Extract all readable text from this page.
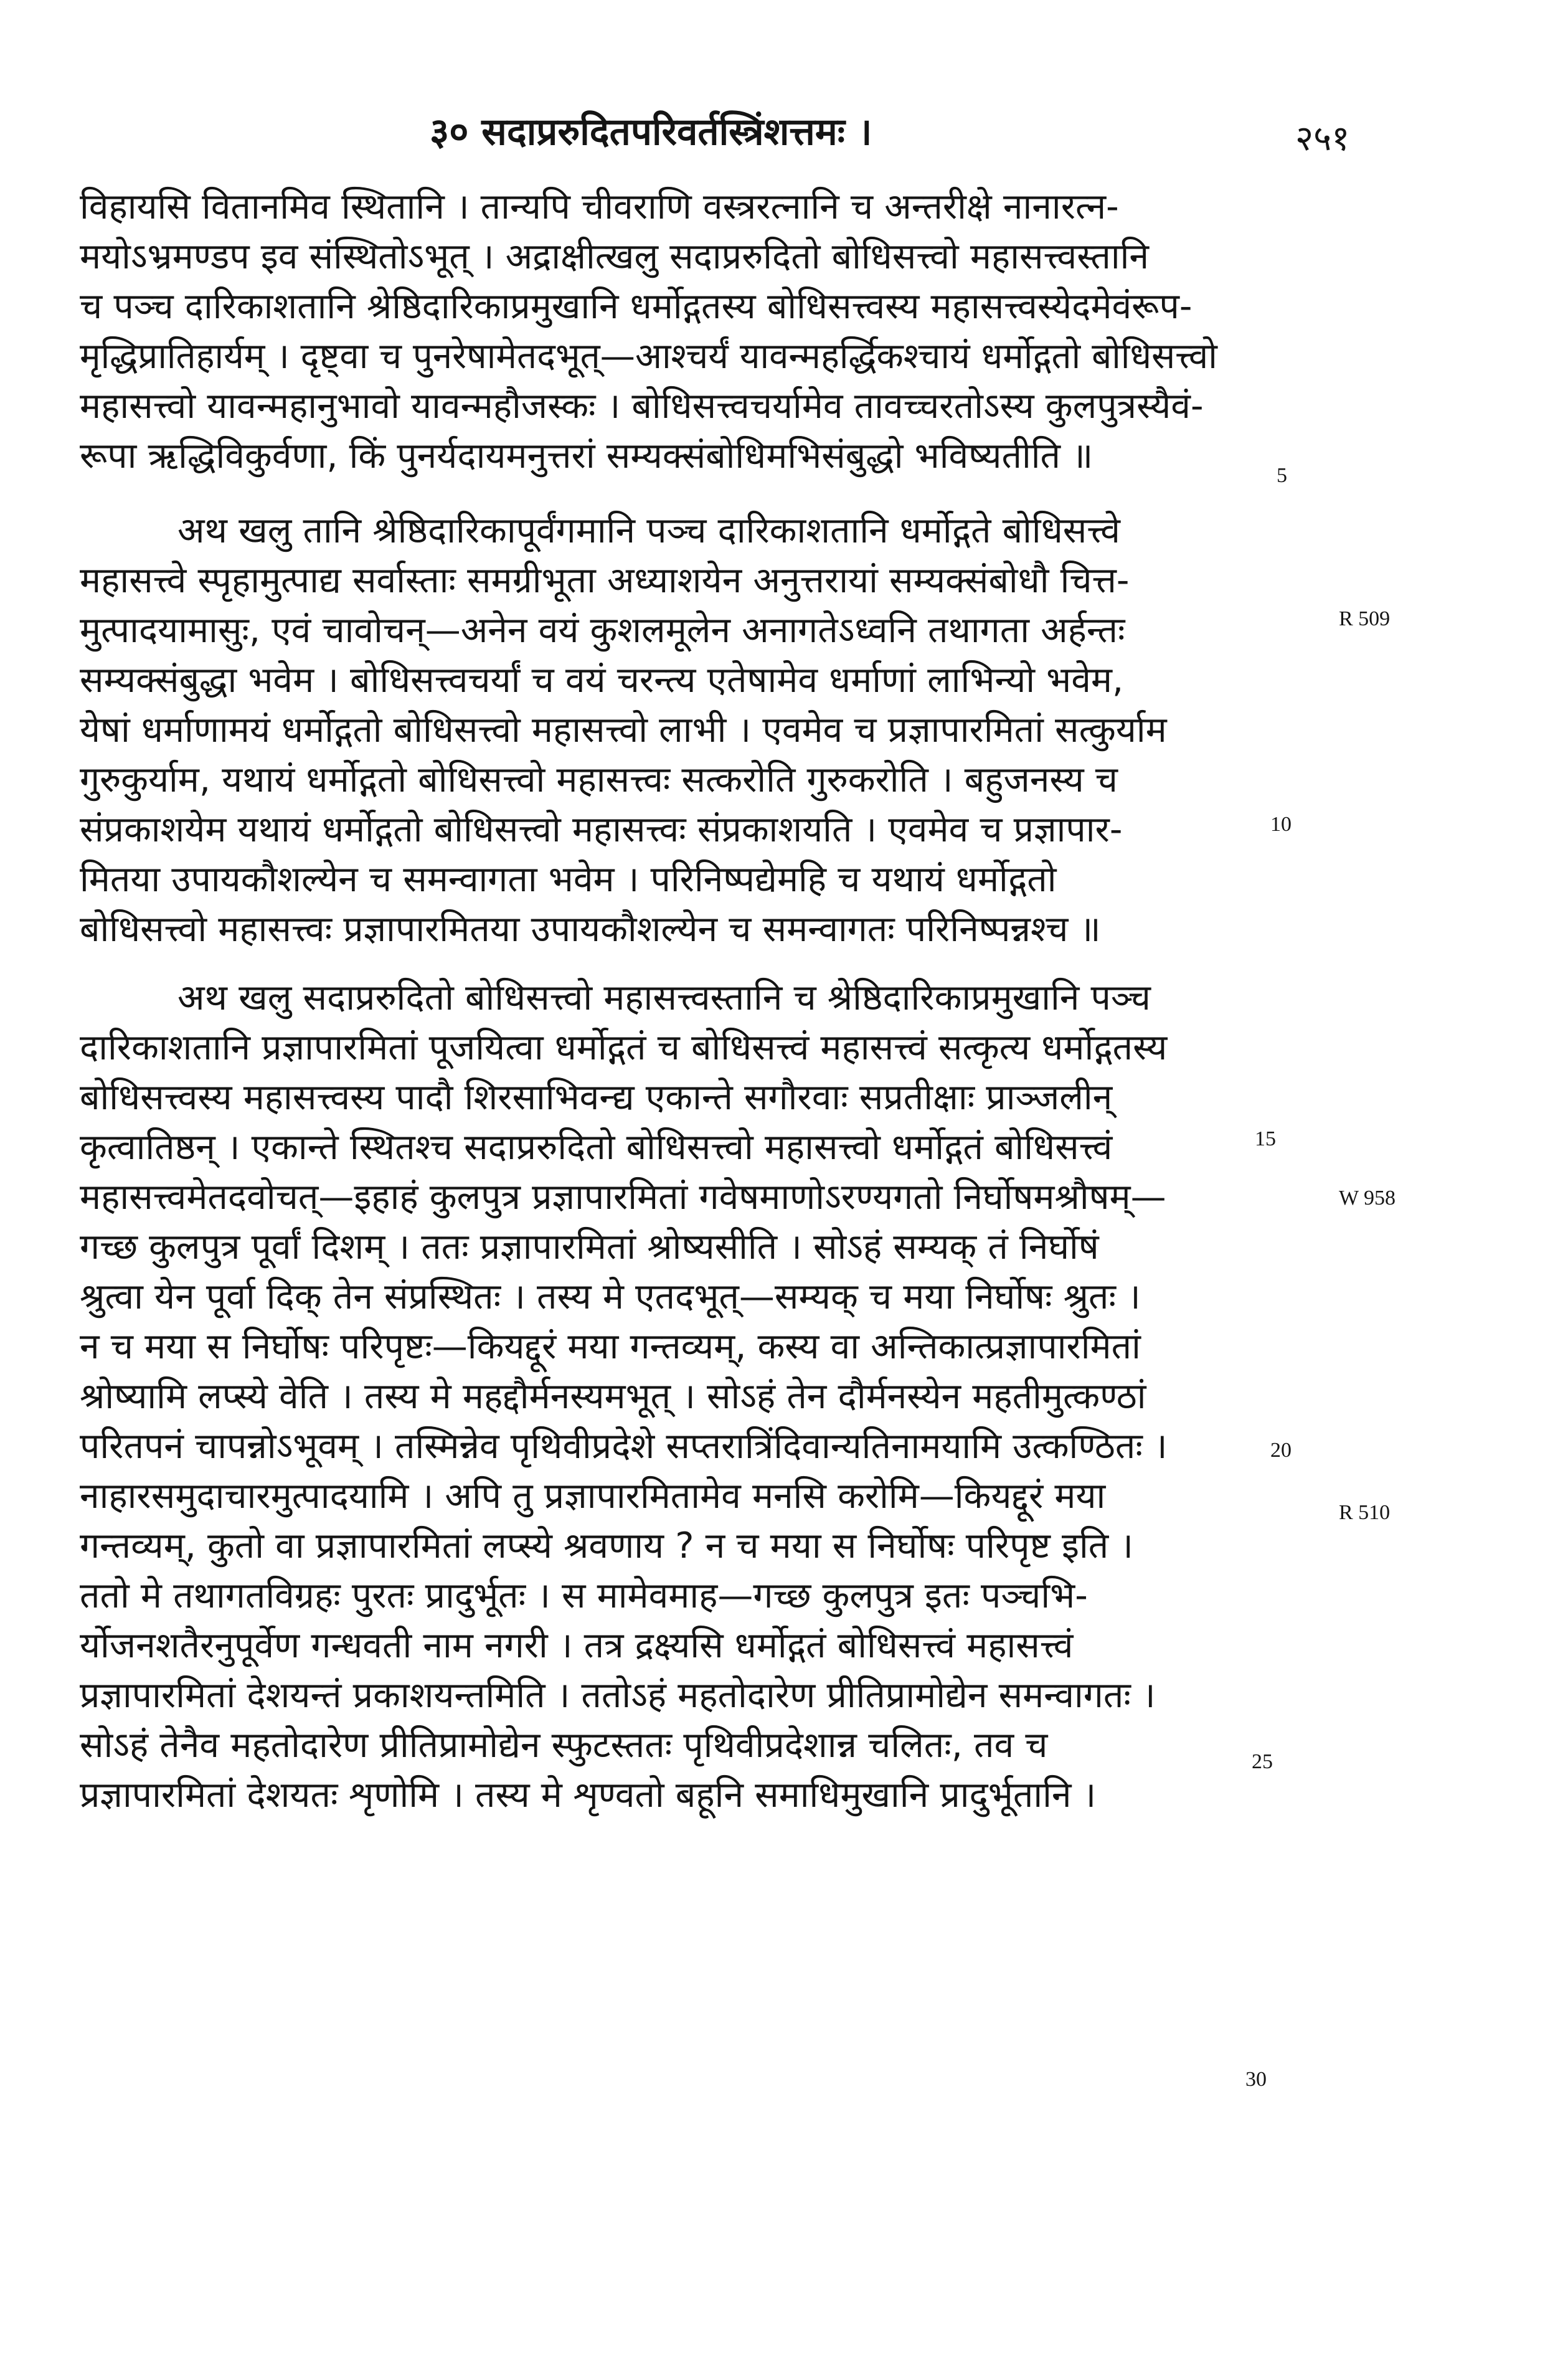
३० सदाप्ररुदितपरिवर्तस्त्रिंशत्तमः ।	२५१
विहायसि वितानमिव स्थितानि । तान्यपि चीवराणि वस्त्ररत्नानि च अन्तरीक्षे नानारत्न-
मयोऽभ्रमण्डप इव संस्थितोऽभूत् । अद्राक्षीत्खलु सदाप्ररुदितो बोधिसत्त्वो महासत्त्वस्तानि
च पञ्च दारिकाशतानि श्रेष्ठिदारिकाप्रमुखानि धर्मोद्गतस्य बोधिसत्त्वस्य महासत्त्वस्येदमेवंरूप-
मृद्धिप्रातिहार्यम् । दृष्ट्वा च पुनरेषामेतदभूत्—आश्चर्यं यावन्महर्द्धिकश्चायं धर्मोद्गतो बोधिसत्त्वो
महासत्त्वो यावन्महानुभावो यावन्महौजस्कः । बोधिसत्त्वचर्यामेव तावच्चरतोऽस्य कुलपुत्रस्यैवं-
रूपा ऋद्धिविकुर्वणा, किं पुनर्यदायमनुत्तरां सम्यक्संबोधिमभिसंबुद्धो भविष्यतीति ॥
अथ खलु तानि श्रेष्ठिदारिकापूर्वंगमानि पञ्च दारिकाशतानि धर्मोद्गते बोधिसत्त्वे
महासत्त्वे स्पृहामुत्पाद्य सर्वास्ताः समग्रीभूता अध्याशयेन अनुत्तरायां सम्यक्संबोधौ चित्त-
मुत्पादयामासुः, एवं चावोचन्—अनेन वयं कुशलमूलेन अनागतेऽध्वनि तथागता अर्हन्तः
सम्यक्संबुद्धा भवेम । बोधिसत्त्वचर्यां च वयं चरन्त्य एतेषामेव धर्माणां लाभिन्यो भवेम,
येषां धर्माणामयं धर्मोद्गतो बोधिसत्त्वो महासत्त्वो लाभी । एवमेव च प्रज्ञापारमितां सत्कुर्याम
गुरुकुर्याम, यथायं धर्मोद्गतो बोधिसत्त्वो महासत्त्वः सत्करोति गुरुकरोति । बहुजनस्य च
संप्रकाशयेम यथायं धर्मोद्गतो बोधिसत्त्वो महासत्त्वः संप्रकाशयति । एवमेव च प्रज्ञापार-
मितया उपायकौशल्येन च समन्वागता भवेम । परिनिष्पद्येमहि च यथायं धर्मोद्गतो
बोधिसत्त्वो महासत्त्वः प्रज्ञापारमितया उपायकौशल्येन च समन्वागतः परिनिष्पन्नश्च ॥
अथ खलु सदाप्ररुदितो बोधिसत्त्वो महासत्त्वस्तानि च श्रेष्ठिदारिकाप्रमुखानि पञ्च
दारिकाशतानि प्रज्ञापारमितां पूजयित्वा धर्मोद्गतं च बोधिसत्त्वं महासत्त्वं सत्कृत्य धर्मोद्गतस्य
बोधिसत्त्वस्य महासत्त्वस्य पादौ शिरसाभिवन्द्य एकान्ते सगौरवाः सप्रतीक्षाः प्राञ्जलीन्
कृत्वातिष्ठन् । एकान्ते स्थितश्च सदाप्ररुदितो बोधिसत्त्वो महासत्त्वो धर्मोद्गतं बोधिसत्त्वं
महासत्त्वमेतदवोचत्—इहाहं कुलपुत्र प्रज्ञापारमितां गवेषमाणोऽरण्यगतो निर्घोषमश्रौषम्—
गच्छ कुलपुत्र पूर्वां दिशम् । ततः प्रज्ञापारमितां श्रोष्यसीति । सोऽहं सम्यक् तं निर्घोषं
श्रुत्वा येन पूर्वा दिक् तेन संप्रस्थितः । तस्य मे एतदभूत्—सम्यक् च मया निर्घोषः श्रुतः ।
न च मया स निर्घोषः परिपृष्टः—कियद्दूरं मया गन्तव्यम्, कस्य वा अन्तिकात्प्रज्ञापारमितां
श्रोष्यामि लप्स्ये वेति । तस्य मे महद्दौर्मनस्यमभूत् । सोऽहं तेन दौर्मनस्येन महतीमुत्कण्ठां
परितपनं चापन्नोऽभूवम् । तस्मिन्नेव पृथिवीप्रदेशे सप्तरात्रिंदिवान्यतिनामयामि उत्कण्ठितः ।
नाहारसमुदाचारमुत्पादयामि । अपि तु प्रज्ञापारमितामेव मनसि करोमि—कियद्दूरं मया
गन्तव्यम्, कुतो वा प्रज्ञापारमितां लप्स्ये श्रवणाय ? न च मया स निर्घोषः परिपृष्ट इति ।
ततो मे तथागतविग्रहः पुरतः प्रादुर्भूतः । स मामेवमाह—गच्छ कुलपुत्र इतः पञ्चभि-
र्योजनशतैरनुपूर्वेण गन्धवती नाम नगरी । तत्र द्रक्ष्यसि धर्मोद्गतं बोधिसत्त्वं महासत्त्वं
प्रज्ञापारमितां देशयन्तं प्रकाशयन्तमिति । ततोऽहं महतोदारेण प्रीतिप्रामोद्येन समन्वागतः ।
सोऽहं तेनैव महतोदारेण प्रीतिप्रामोद्येन स्फुटस्ततः पृथिवीप्रदेशान्न चलितः, तव च
प्रज्ञापारमितां देशयतः शृणोमि । तस्य मे शृण्वतो बहूनि समाधिमुखानि प्रादुर्भूतानि ।
5
10
15
20
25
30
R 509
W 958
R 510
